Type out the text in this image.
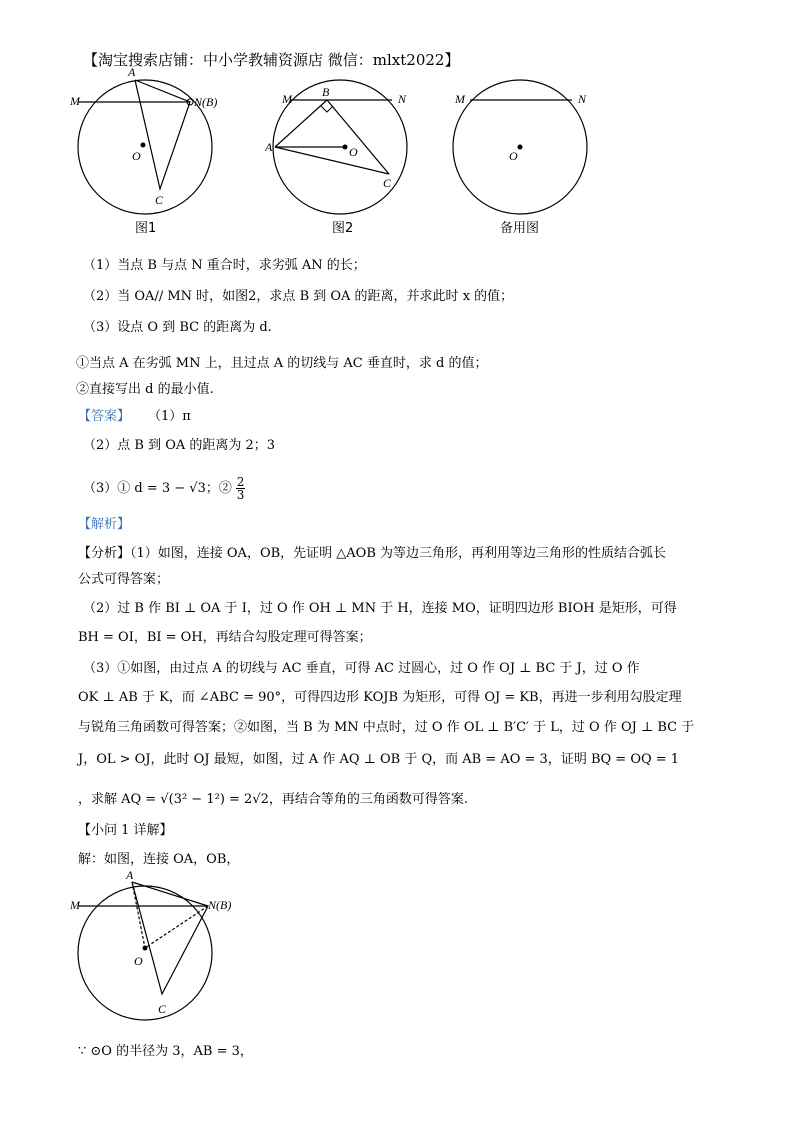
【淘宝搜索店铺：中小学教辅资源店 微信：mlxt2022】
A
M	N(B)
O
C
图1
B
M	N
A	O
C
图2
M	N
O
备用图
（1）当点 B 与点 N 重合时，求劣弧 AN 的长；
（2）当 OA// MN 时，如图2，求点 B 到 OA 的距离，并求此时 x 的值；
（3）设点 O 到 BC 的距离为 d.
①当点 A 在劣弧 MN 上，且过点 A 的切线与 AC 垂直时，求 d 的值；
②直接写出 d 的最小值.
【答案】 （1）π
（2）点 B 到 OA 的距离为 2；3
（3）① d = 3 − √3；② $\frac{2}{3}$
【解析】
【分析】（1）如图，连接 OA，OB，先证明 △AOB 为等边三角形，再利用等边三角形的性质结合弧长
公式可得答案；
（2）过 B 作 BI ⊥ OA 于 I，过 O 作 OH ⊥ MN 于 H，连接 MO，证明四边形 BIOH 是矩形，可得
BH = OI，BI = OH，再结合勾股定理可得答案；
（3）①如图，由过点 A 的切线与 AC 垂直，可得 AC 过圆心，过 O 作 OJ ⊥ BC 于 J，过 O 作
OK ⊥ AB 于 K，而 ∠ABC = 90°，可得四边形 KOJB 为矩形，可得 OJ = KB，再进一步利用勾股定理
与锐角三角函数可得答案；②如图，当 B 为 MN 中点时，过 O 作 OL ⊥ B′C′ 于 L，过 O 作 OJ ⊥ BC 于
J，OL > OJ，此时 OJ 最短，如图，过 A 作 AQ ⊥ OB 于 Q，而 AB = AO = 3，证明 BQ = OQ = 1
，求解 AQ = √(3² − 1²) = 2√2，再结合等角的三角函数可得答案.
【小问 1 详解】
解：如图，连接 OA，OB，
A
M	N(B)
O
C
∵ ⊙O 的半径为 3，AB = 3，
